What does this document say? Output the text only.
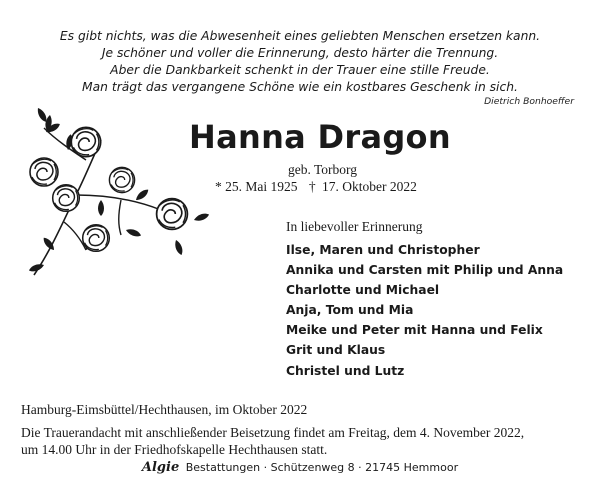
Es gibt nichts, was die Abwesenheit eines geliebten Menschen ersetzen kann.
Je schöner und voller die Erinnerung, desto härter die Trennung.
Aber die Dankbarkeit schenkt in der Trauer eine stille Freude.
Man trägt das vergangene Schöne wie ein kostbares Geschenk in sich.
Dietrich Bonhoeffer
Hanna Dragon
geb. Torborg
* 25. Mai 1925 † 17. Oktober 2022
In liebevoller Erinnerung
Ilse, Maren und Christopher
Annika und Carsten mit Philip und Anna
Charlotte und Michael
Anja, Tom und Mia
Meike und Peter mit Hanna und Felix
Grit und Klaus
Christel und Lutz
Hamburg-Eimsbüttel/Hechthausen, im Oktober 2022
Die Trauerandacht mit anschließender Beisetzung findet am Freitag, dem 4. November 2022,
um 14.00 Uhr in der Friedhofskapelle Hechthausen statt.
Algie Bestattungen · Schützenweg 8 · 21745 Hemmoor
